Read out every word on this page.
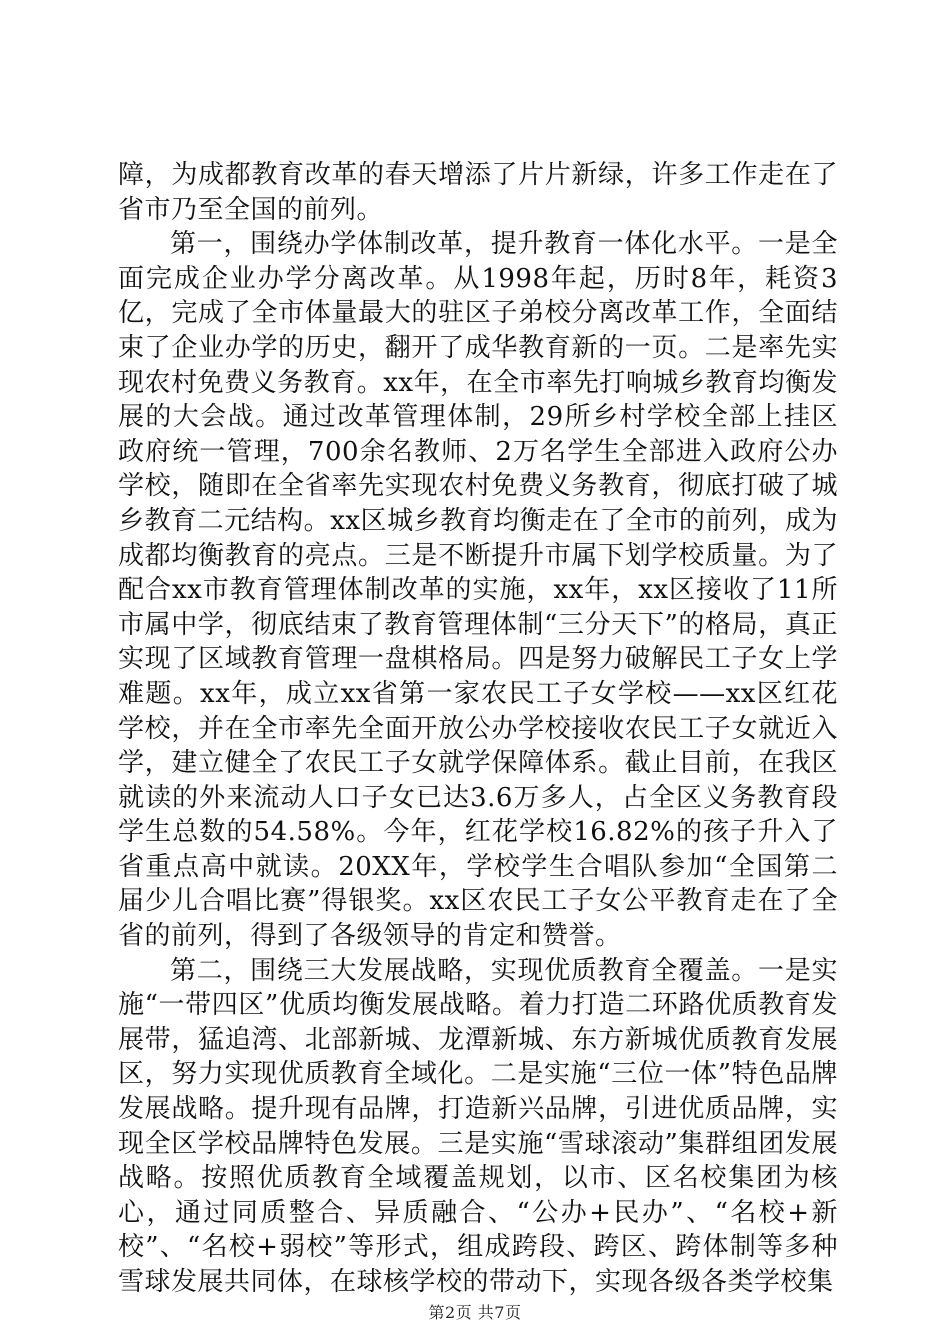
障，为成都教育改革的春天增添了片片新绿，许多工作走在了省市乃至全国的前列。

第一，围绕办学体制改革，提升教育一体化水平。一是全面完成企业办学分离改革。从1998年起，历时8年，耗资3亿，完成了全市体量最大的驻区子弟校分离改革工作，全面结束了企业办学的历史，翻开了成华教育新的一页。二是率先实现农村免费义务教育。xx年，在全市率先打响城乡教育均衡发展的大会战。通过改革管理体制，29所乡村学校全部上挂区政府统一管理，700余名教师、2万名学生全部进入政府公办学校，随即在全省率先实现农村免费义务教育，彻底打破了城乡教育二元结构。xx区城乡教育均衡走在了全市的前列，成为成都均衡教育的亮点。三是不断提升市属下划学校质量。为了配合xx市教育管理体制改革的实施，xx年，xx区接收了11所市属中学，彻底结束了教育管理体制“三分天下”的格局，真正实现了区域教育管理一盘棋格局。四是努力破解民工子女上学难题。xx年，成立xx省第一家农民工子女学校——xx区红花学校，并在全市率先全面开放公办学校接收农民工子女就近入学，建立健全了农民工子女就学保障体系。截止目前，在我区就读的外来流动人口子女已达3.6万多人，占全区义务教育段学生总数的54.58%。今年，红花学校16.82%的孩子升入了省重点高中就读。20XX年，学校学生合唱队参加“全国第二届少儿合唱比赛”得银奖。xx区农民工子女公平教育走在了全省的前列，得到了各级领导的肯定和赞誉。

第二，围绕三大发展战略，实现优质教育全覆盖。一是实施“一带四区”优质均衡发展战略。着力打造二环路优质教育发展带，猛追湾、北部新城、龙潭新城、东方新城优质教育发展区，努力实现优质教育全域化。二是实施“三位一体”特色品牌发展战略。提升现有品牌，打造新兴品牌，引进优质品牌，实现全区学校品牌特色发展。三是实施“雪球滚动”集群组团发展战略。按照优质教育全域覆盖规划，以市、区名校集团为核心，通过同质整合、异质融合、“公办+民办”、“名校+新校”、“名校+弱校”等形式，组成跨段、跨区、跨体制等多种雪球发展共同体，在球核学校的带动下，实现各级各类学校集

第2页 共7页
